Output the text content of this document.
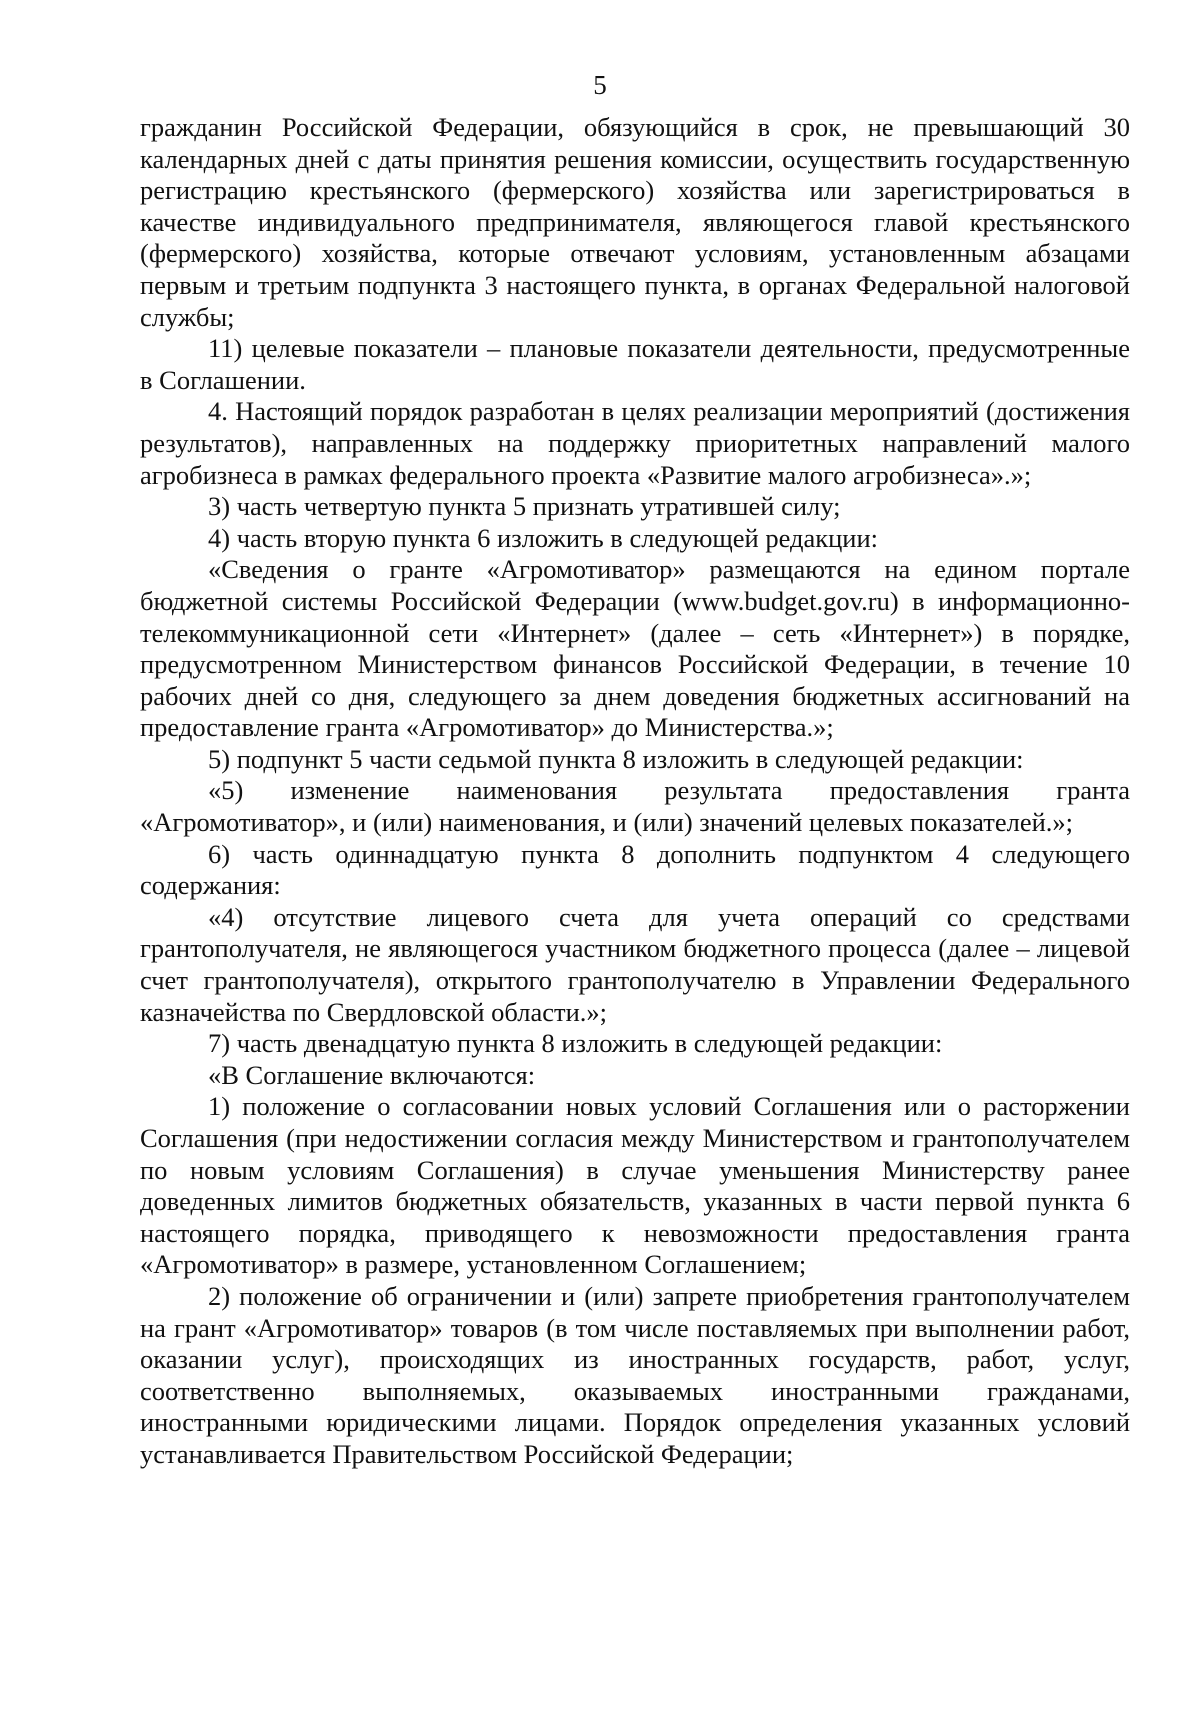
5

гражданин Российской Федерации, обязующийся в срок, не превышающий 30 календарных дней с даты принятия решения комиссии, осуществить государственную регистрацию крестьянского (фермерского) хозяйства или зарегистрироваться в качестве индивидуального предпринимателя, являющегося главой крестьянского (фермерского) хозяйства, которые отвечают условиям, установленным абзацами первым и третьим подпункта 3 настоящего пункта, в органах Федеральной налоговой службы;

11) целевые показатели – плановые показатели деятельности, предусмотренные в Соглашении.

4. Настоящий порядок разработан в целях реализации мероприятий (достижения результатов), направленных на поддержку приоритетных направлений малого агробизнеса в рамках федерального проекта «Развитие малого агробизнеса».»;

3) часть четвертую пункта 5 признать утратившей силу;

4) часть вторую пункта 6 изложить в следующей редакции:

«Сведения о гранте «Агромотиватор» размещаются на едином портале бюджетной системы Российской Федерации (www.budget.gov.ru) в информационно-телекоммуникационной сети «Интернет» (далее – сеть «Интернет») в порядке, предусмотренном Министерством финансов Российской Федерации, в течение 10 рабочих дней со дня, следующего за днем доведения бюджетных ассигнований на предоставление гранта «Агромотиватор» до Министерства.»;

5) подпункт 5 части седьмой пункта 8 изложить в следующей редакции:

«5) изменение наименования результата предоставления гранта «Агромотиватор», и (или) наименования, и (или) значений целевых показателей.»;

6) часть одиннадцатую пункта 8 дополнить подпунктом 4 следующего содержания:

«4) отсутствие лицевого счета для учета операций со средствами грантополучателя, не являющегося участником бюджетного процесса (далее – лицевой счет грантополучателя), открытого грантополучателю в Управлении Федерального казначейства по Свердловской области.»;

7) часть двенадцатую пункта 8 изложить в следующей редакции:

«В Соглашение включаются:

1) положение о согласовании новых условий Соглашения или о расторжении Соглашения (при недостижении согласия между Министерством и грантополучателем по новым условиям Соглашения) в случае уменьшения Министерству ранее доведенных лимитов бюджетных обязательств, указанных в части первой пункта 6 настоящего порядка, приводящего к невозможности предоставления гранта «Агромотиватор» в размере, установленном Соглашением;

2) положение об ограничении и (или) запрете приобретения грантополучателем на грант «Агромотиватор» товаров (в том числе поставляемых при выполнении работ, оказании услуг), происходящих из иностранных государств, работ, услуг, соответственно выполняемых, оказываемых иностранными гражданами, иностранными юридическими лицами. Порядок определения указанных условий устанавливается Правительством Российской Федерации;
